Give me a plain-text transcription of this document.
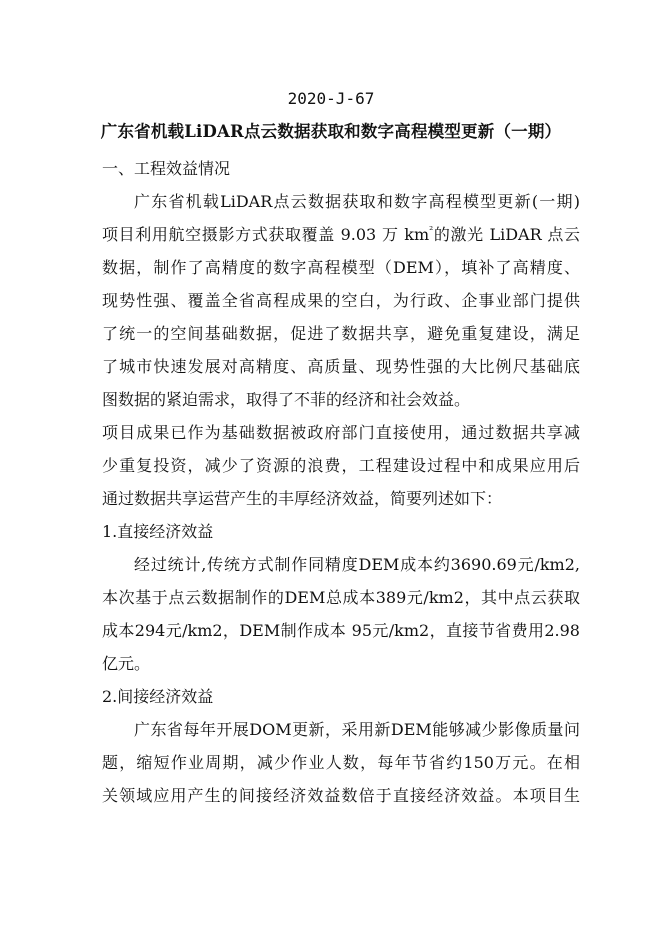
2020-J-67
广东省机载LiDAR点云数据获取和数字高程模型更新（一期）
一、工程效益情况
广东省机载LiDAR点云数据获取和数字高程模型更新(一期)
项目利用航空摄影方式获取覆盖 9.03 万 $km^{^2}$的激光 LiDAR 点云
数据，制作了高精度的数字高程模型（DEM），填补了高精度、
现势性强、覆盖全省高程成果的空白，为行政、企事业部门提供
了统一的空间基础数据，促进了数据共享，避免重复建设，满足
了城市快速发展对高精度、高质量、现势性强的大比例尺基础底
图数据的紧迫需求，取得了不菲的经济和社会效益。
项目成果已作为基础数据被政府部门直接使用，通过数据共享减
少重复投资，减少了资源的浪费，工程建设过程中和成果应用后
通过数据共享运营产生的丰厚经济效益，简要列述如下：
1.直接经济效益
经过统计,传统方式制作同精度DEM成本约3690.69元/km2,
本次基于点云数据制作的DEM总成本389元/km2，其中点云获取
成本294元/km2，DEM制作成本 95元/km2，直接节省费用2.98
亿元。
2.间接经济效益
广东省每年开展DOM更新，采用新DEM能够减少影像质量问
题，缩短作业周期，减少作业人数，每年节省约150万元。在相
关领域应用产生的间接经济效益数倍于直接经济效益。本项目生
